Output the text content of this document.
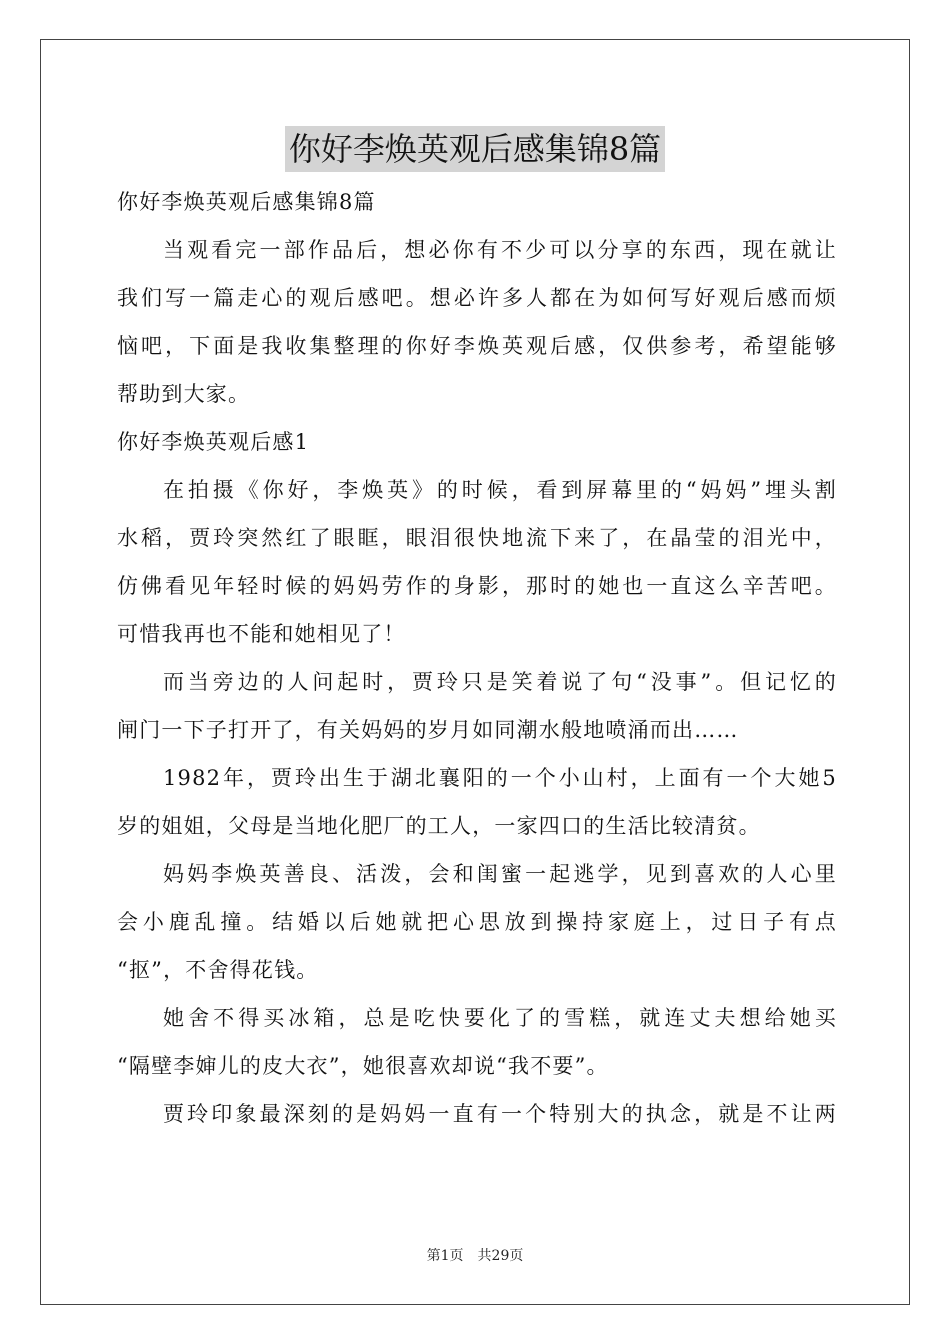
你好李焕英观后感集锦8篇
你好李焕英观后感集锦8篇
当观看完一部作品后，想必你有不少可以分享的东西，现在就让
我们写一篇走心的观后感吧。想必许多人都在为如何写好观后感而烦
恼吧，下面是我收集整理的你好李焕英观后感，仅供参考，希望能够
帮助到大家。
你好李焕英观后感1
在拍摄《你好，李焕英》的时候，看到屏幕里的“妈妈”埋头割
水稻，贾玲突然红了眼眶，眼泪很快地流下来了，在晶莹的泪光中，
仿佛看见年轻时候的妈妈劳作的身影，那时的她也一直这么辛苦吧。
可惜我再也不能和她相见了！
而当旁边的人问起时，贾玲只是笑着说了句“没事”。但记忆的
闸门一下子打开了，有关妈妈的岁月如同潮水般地喷涌而出……
1982年，贾玲出生于湖北襄阳的一个小山村，上面有一个大她5
岁的姐姐，父母是当地化肥厂的工人，一家四口的生活比较清贫。
妈妈李焕英善良、活泼，会和闺蜜一起逃学，见到喜欢的人心里
会小鹿乱撞。结婚以后她就把心思放到操持家庭上，过日子有点
“抠”，不舍得花钱。
她舍不得买冰箱，总是吃快要化了的雪糕，就连丈夫想给她买
“隔壁李婶儿的皮大衣”，她很喜欢却说“我不要”。
贾玲印象最深刻的是妈妈一直有一个特别大的执念，就是不让两
第1页 共29页
